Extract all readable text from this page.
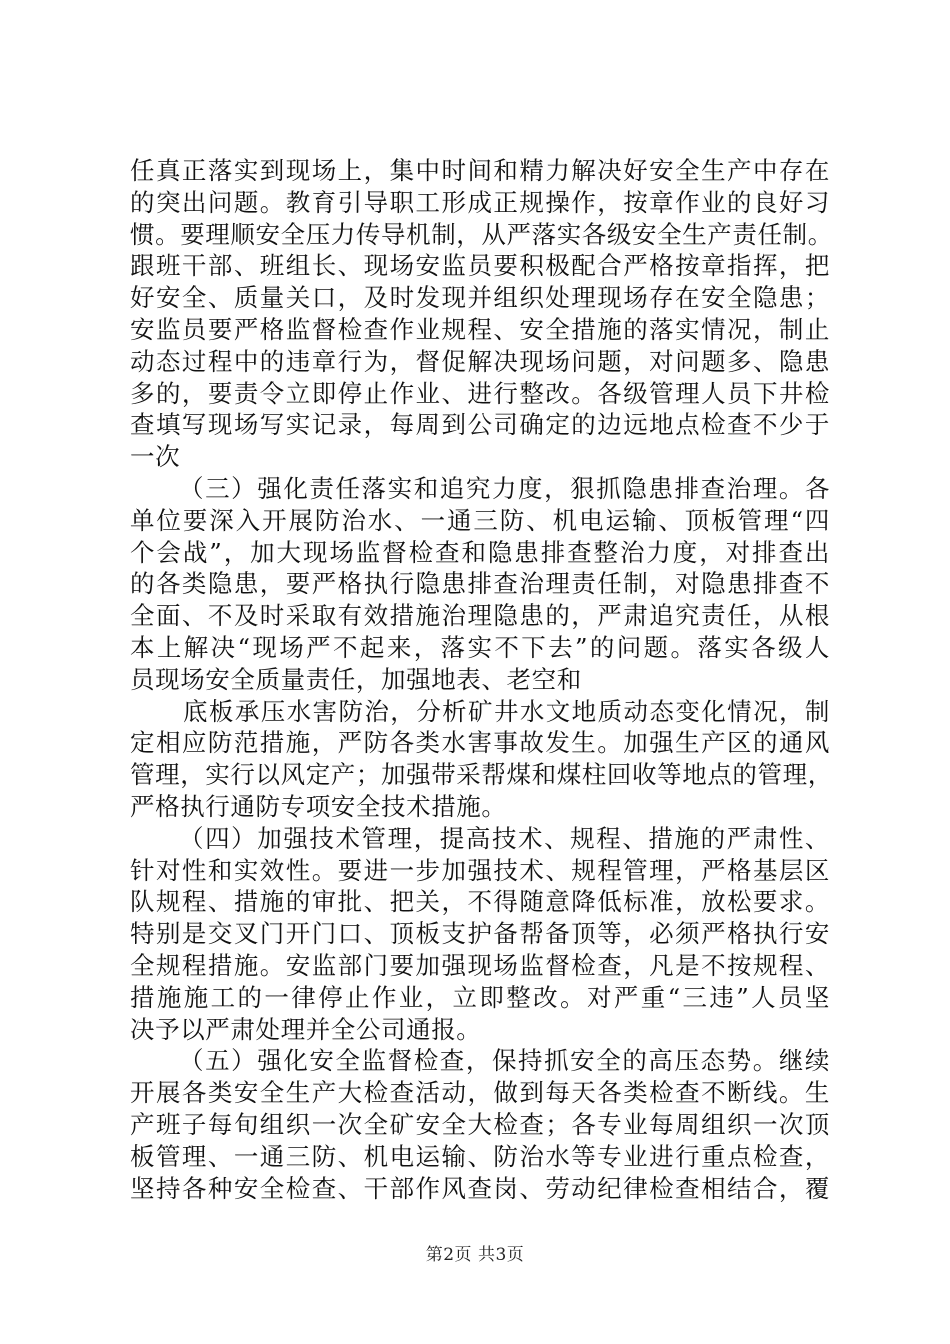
任真正落实到现场上，集中时间和精力解决好安全生产中存在
的突出问题。教育引导职工形成正规操作，按章作业的良好习
惯。要理顺安全压力传导机制，从严落实各级安全生产责任制。
跟班干部、班组长、现场安监员要积极配合严格按章指挥，把
好安全、质量关口，及时发现并组织处理现场存在安全隐患；
安监员要严格监督检查作业规程、安全措施的落实情况，制止
动态过程中的违章行为，督促解决现场问题，对问题多、隐患
多的，要责令立即停止作业、进行整改。各级管理人员下井检
查填写现场写实记录，每周到公司确定的边远地点检查不少于
一次
（三）强化责任落实和追究力度，狠抓隐患排查治理。各
单位要深入开展防治水、一通三防、机电运输、顶板管理“四
个会战”，加大现场监督检查和隐患排查整治力度，对排查出
的各类隐患，要严格执行隐患排查治理责任制，对隐患排查不
全面、不及时采取有效措施治理隐患的，严肃追究责任，从根
本上解决“现场严不起来，落实不下去”的问题。落实各级人
员现场安全质量责任，加强地表、老空和
底板承压水害防治，分析矿井水文地质动态变化情况，制
定相应防范措施，严防各类水害事故发生。加强生产区的通风
管理，实行以风定产；加强带采帮煤和煤柱回收等地点的管理，
严格执行通防专项安全技术措施。
（四）加强技术管理，提高技术、规程、措施的严肃性、
针对性和实效性。要进一步加强技术、规程管理，严格基层区
队规程、措施的审批、把关，不得随意降低标准，放松要求。
特别是交叉门开门口、顶板支护备帮备顶等，必须严格执行安
全规程措施。安监部门要加强现场监督检查，凡是不按规程、
措施施工的一律停止作业，立即整改。对严重“三违”人员坚
决予以严肃处理并全公司通报。
（五）强化安全监督检查，保持抓安全的高压态势。继续
开展各类安全生产大检查活动，做到每天各类检查不断线。生
产班子每旬组织一次全矿安全大检查；各专业每周组织一次顶
板管理、一通三防、机电运输、防治水等专业进行重点检查，
坚持各种安全检查、干部作风查岗、劳动纪律检查相结合，覆
第2页 共3页
